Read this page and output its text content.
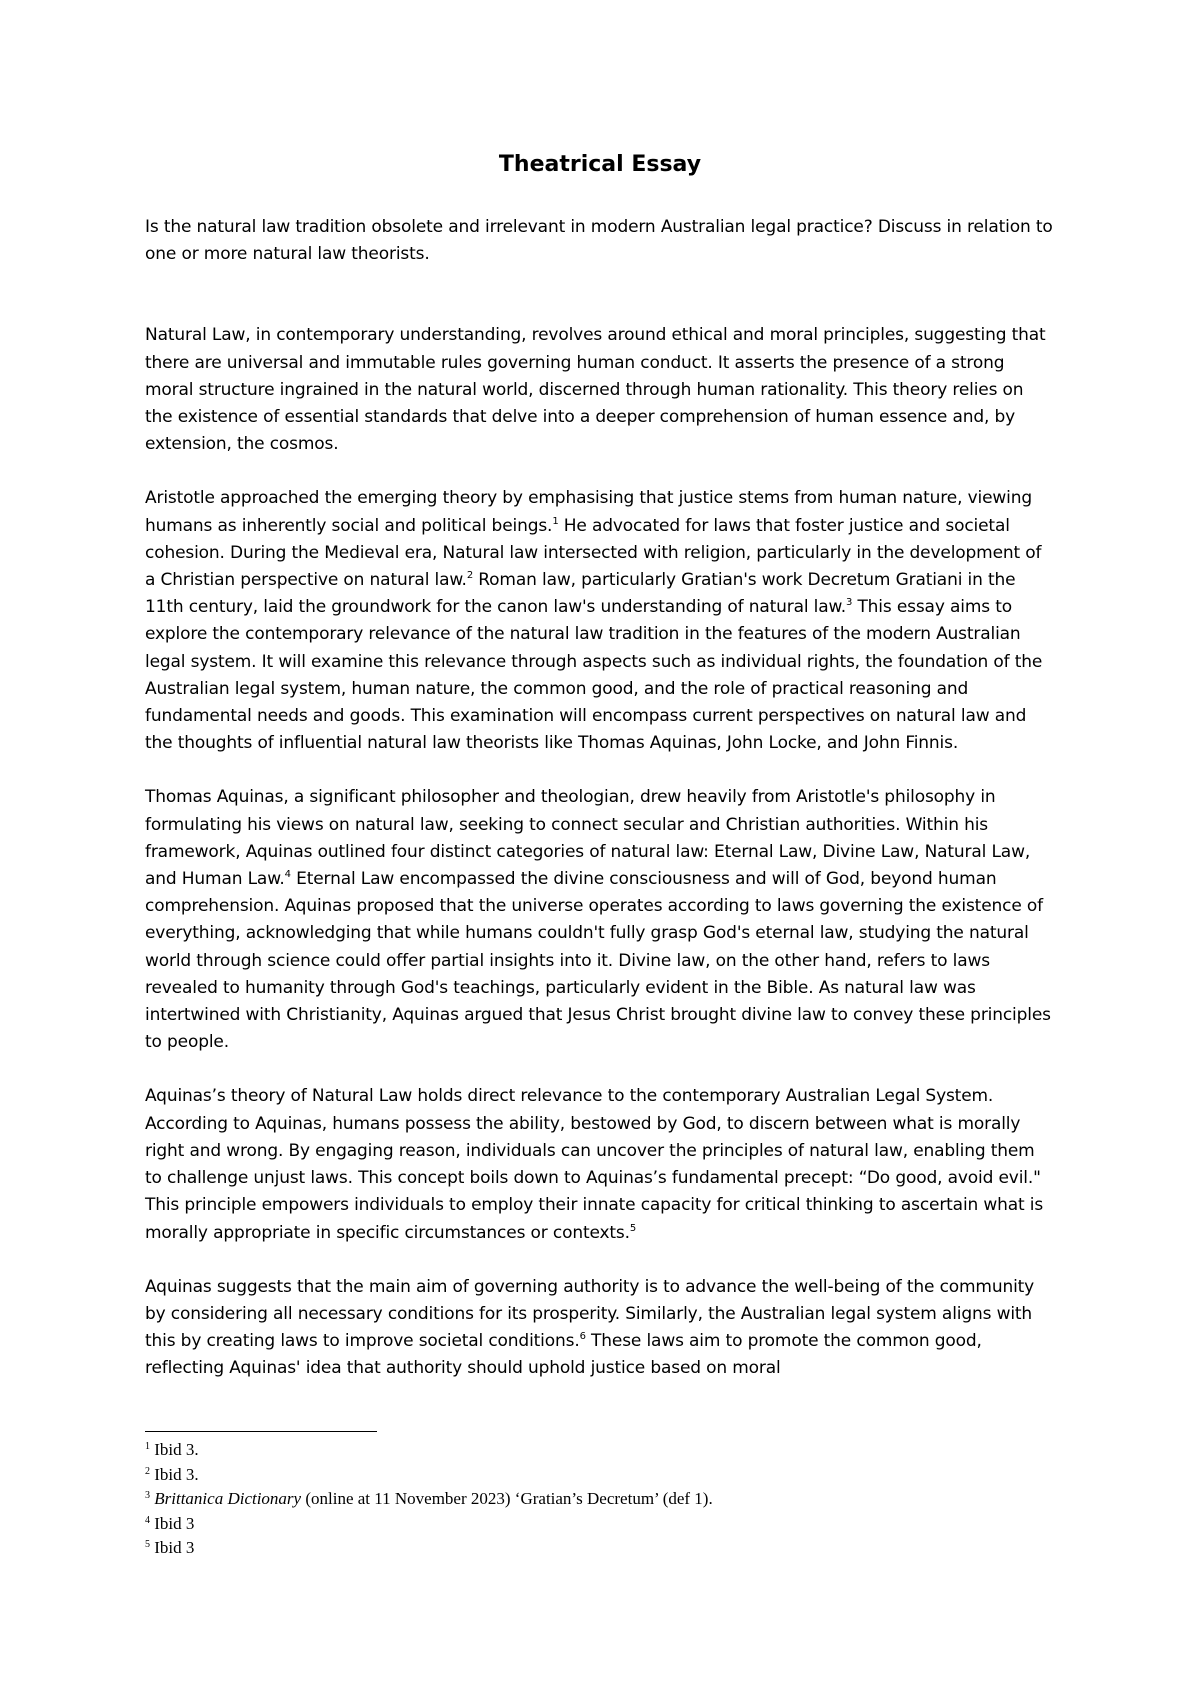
Theatrical Essay

Is the natural law tradition obsolete and irrelevant in modern Australian legal practice? Discuss in relation to one or more natural law theorists.

Natural Law, in contemporary understanding, revolves around ethical and moral principles, suggesting that there are universal and immutable rules governing human conduct. It asserts the presence of a strong moral structure ingrained in the natural world, discerned through human rationality. This theory relies on the existence of essential standards that delve into a deeper comprehension of human essence and, by extension, the cosmos.

Aristotle approached the emerging theory by emphasising that justice stems from human nature, viewing humans as inherently social and political beings.$^1$ He advocated for laws that foster justice and societal cohesion. During the Medieval era, Natural law intersected with religion, particularly in the development of a Christian perspective on natural law.$^2$ Roman law, particularly Gratian's work Decretum Gratiani in the 11th century, laid the groundwork for the canon law's understanding of natural law.$^3$ This essay aims to explore the contemporary relevance of the natural law tradition in the features of the modern Australian legal system. It will examine this relevance through aspects such as individual rights, the foundation of the Australian legal system, human nature, the common good, and the role of practical reasoning and fundamental needs and goods. This examination will encompass current perspectives on natural law and the thoughts of influential natural law theorists like Thomas Aquinas, John Locke, and John Finnis.

Thomas Aquinas, a significant philosopher and theologian, drew heavily from Aristotle's philosophy in formulating his views on natural law, seeking to connect secular and Christian authorities. Within his framework, Aquinas outlined four distinct categories of natural law: Eternal Law, Divine Law, Natural Law, and Human Law.$^4$ Eternal Law encompassed the divine consciousness and will of God, beyond human comprehension. Aquinas proposed that the universe operates according to laws governing the existence of everything, acknowledging that while humans couldn't fully grasp God's eternal law, studying the natural world through science could offer partial insights into it. Divine law, on the other hand, refers to laws revealed to humanity through God's teachings, particularly evident in the Bible. As natural law was intertwined with Christianity, Aquinas argued that Jesus Christ brought divine law to convey these principles to people.

Aquinas’s theory of Natural Law holds direct relevance to the contemporary Australian Legal System. According to Aquinas, humans possess the ability, bestowed by God, to discern between what is morally right and wrong. By engaging reason, individuals can uncover the principles of natural law, enabling them to challenge unjust laws. This concept boils down to Aquinas’s fundamental precept: “Do good, avoid evil." This principle empowers individuals to employ their innate capacity for critical thinking to ascertain what is morally appropriate in specific circumstances or contexts.$^5$

Aquinas suggests that the main aim of governing authority is to advance the well-being of the community by considering all necessary conditions for its prosperity. Similarly, the Australian legal system aligns with this by creating laws to improve societal conditions.$^6$ These laws aim to promote the common good, reflecting Aquinas' idea that authority should uphold justice based on moral

$^1$ Ibid 3.
$^2$ Ibid 3.
$^3$ Brittanica Dictionary (online at 11 November 2023) ‘Gratian’s Decretum’ (def 1).
$^4$ Ibid 3
$^5$ Ibid 3
